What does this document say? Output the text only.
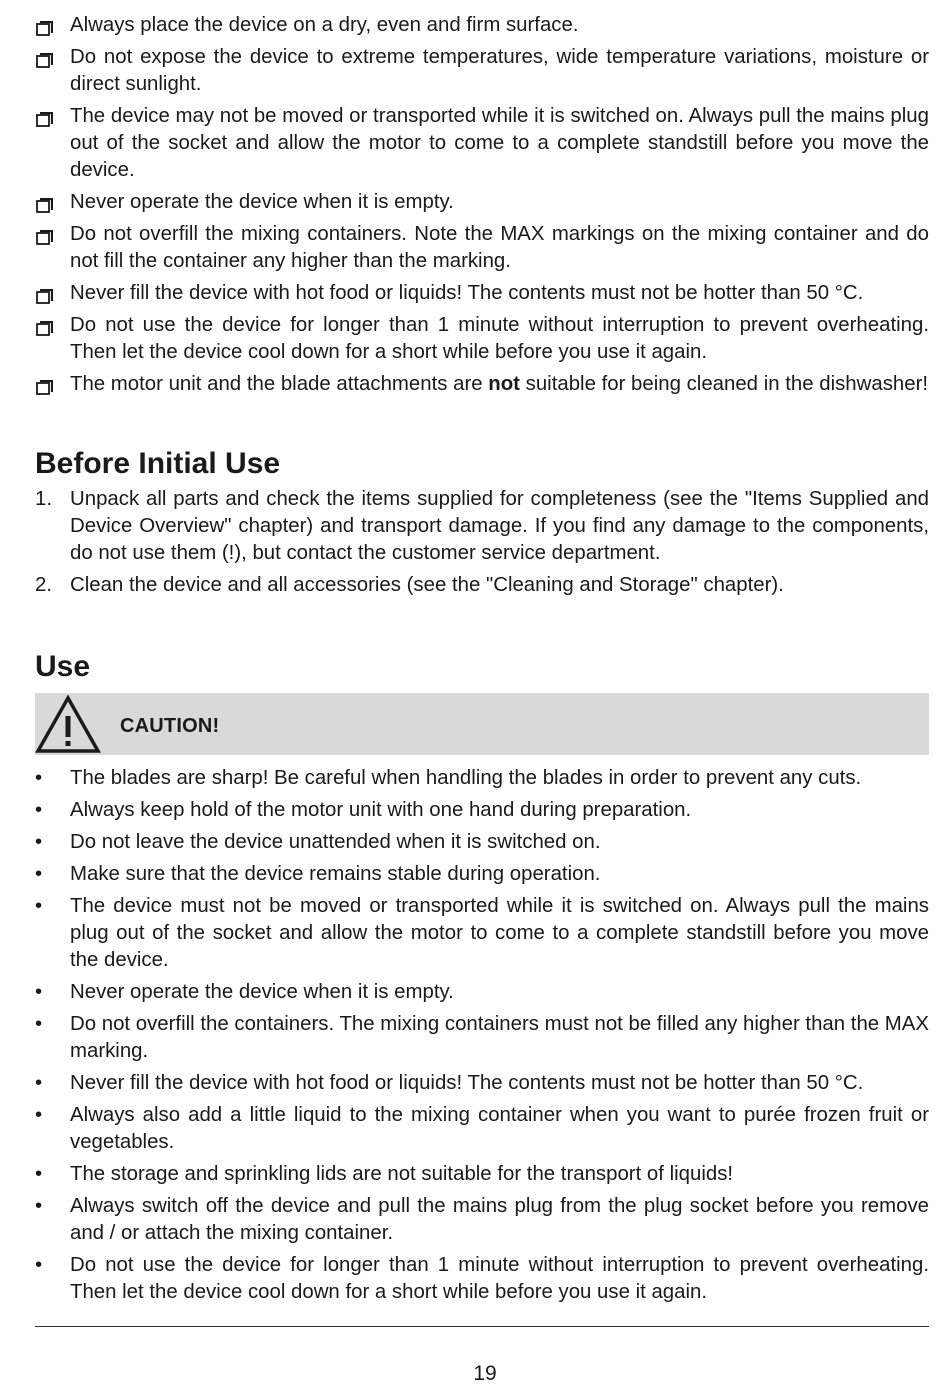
Always place the device on a dry, even and firm surface.
Do not expose the device to extreme temperatures, wide temperature variations, moisture or direct sunlight.
The device may not be moved or transported while it is switched on. Always pull the mains plug out of the socket and allow the motor to come to a complete standstill before you move the device.
Never operate the device when it is empty.
Do not overfill the mixing containers. Note the MAX markings on the mixing container and do not fill the container any higher than the marking.
Never fill the device with hot food or liquids! The contents must not be hotter than 50 °C.
Do not use the device for longer than 1 minute without interruption to prevent overheating. Then let the device cool down for a short while before you use it again.
The motor unit and the blade attachments are not suitable for being cleaned in the dishwasher!
Before Initial Use
1. Unpack all parts and check the items supplied for completeness (see the "Items Supplied and Device Overview" chapter) and transport damage. If you find any damage to the components, do not use them (!), but contact the customer service department.
2. Clean the device and all accessories (see the "Cleaning and Storage" chapter).
Use
CAUTION!
•	The blades are sharp! Be careful when handling the blades in order to prevent any cuts.
•	Always keep hold of the motor unit with one hand during preparation.
•	Do not leave the device unattended when it is switched on.
•	Make sure that the device remains stable during operation.
•	The device must not be moved or transported while it is switched on. Always pull the mains plug out of the socket and allow the motor to come to a complete standstill before you move the device.
•	Never operate the device when it is empty.
•	Do not overfill the containers. The mixing containers must not be filled any higher than the MAX marking.
•	Never fill the device with hot food or liquids! The contents must not be hotter than 50 °C.
•	Always also add a little liquid to the mixing container when you want to purée frozen fruit or vegetables.
•	The storage and sprinkling lids are not suitable for the transport of liquids!
•	Always switch off the device and pull the mains plug from the plug socket before you remove and / or attach the mixing container.
•	Do not use the device for longer than 1 minute without interruption to prevent overheating. Then let the device cool down for a short while before you use it again.
19
